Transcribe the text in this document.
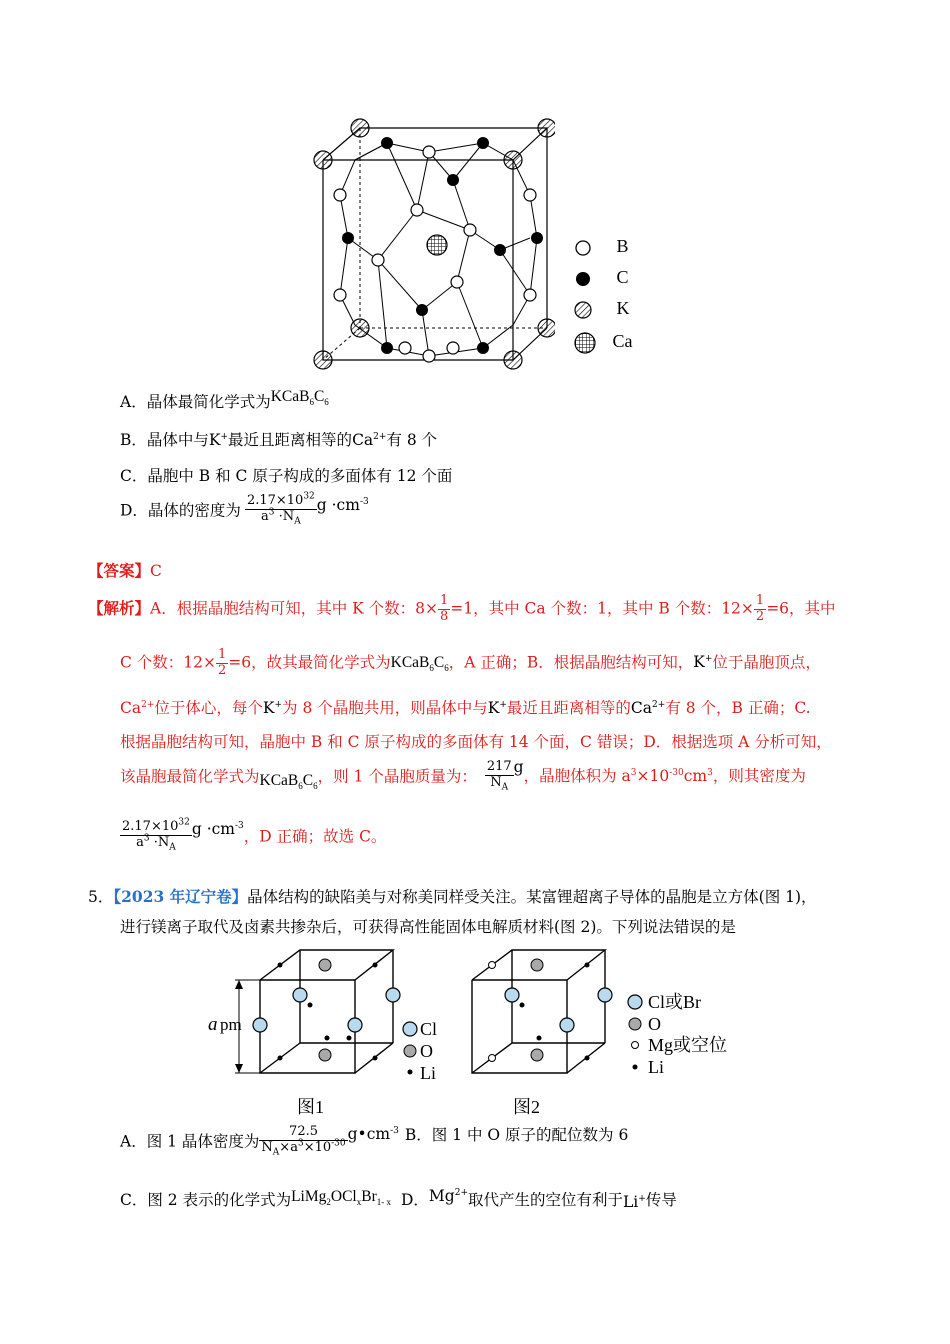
B
C
K
Ca
A．晶体最简化学式为$KCaB_6C_6$
B．晶体中与K+最近且距离相等的$Ca^{2+}$有 8 个
C．晶胞中 B 和 C 原子构成的多面体有 12 个面
D．晶体的密度为 $\frac{2.17\times 10^{32}}{a^3 \cdot N_A}$ $g \cdot cm^{-3}$
【答案】C
【解析】A．根据晶胞结构可知，其中 K 个数：$8\times \frac{1}{8} =1$，其中 Ca 个数：1，其中 B 个数：$12\times \frac{1}{2} =6$，其中
C 个数：$12\times \frac{1}{2} =6$，故其最简化学式为$KCaB_6C_6$，A 正确；B．根据晶胞结构可知，K+位于晶胞顶点，
$Ca^{2+}$位于体心，每个K+为 8 个晶胞共用，则晶体中与K+最近且距离相等的$Ca^{2+}$有 8 个，B 正确；C.
根据晶胞结构可知，晶胞中 B 和 C 原子构成的多面体有 14 个面，C 错误；D．根据选项 A 分析可知，
该晶胞最简化学式为$KCaB_6C_6$，则 1 个晶胞质量为： $\frac{217}{N_A}$ g，晶胞体积为 $a^3\times 10^{-30}cm^3$，则其密度为
$\frac{2.17\times 10^{32}}{a^3 \cdot N_A}$ $g \cdot cm^{-3}$，D 正确；故选 C。
5．【2023 年辽宁卷】晶体结构的缺陷美与对称美同样受关注。某富锂超离子导体的晶胞是立方体(图 1)，
进行镁离子取代及卤素共掺杂后，可获得高性能固体电解质材料(图 2)。下列说法错误的是
a pm	Cl
O
Li
图1
Cl或Br
O
Mg或空位
Li
图2
A．图 1 晶体密度为 $\frac{72.5}{N_A\times a^3\times 10^{-30}}$ $g•cm^{-3}$ B．图 1 中 O 原子的配位数为 6
C．图 2 表示的化学式为$LiMg_2OCl_xBr_{1- x}$ D．$Mg^{2+}$取代产生的空位有利于Li+传导
